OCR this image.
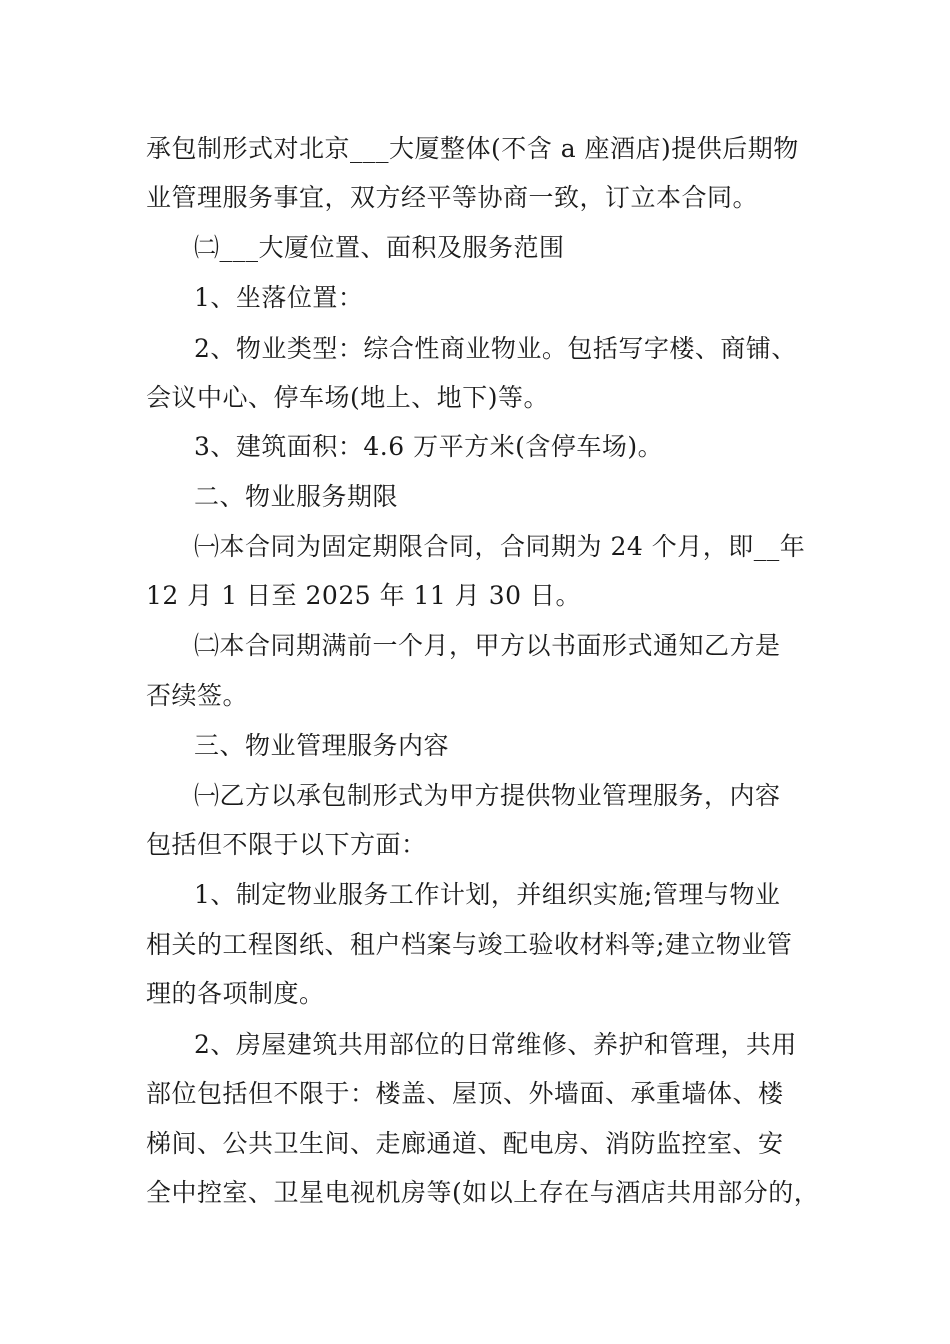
承包制形式对北京___大厦整体(不含 a 座酒店)提供后期物
业管理服务事宜，双方经平等协商一致，订立本合同。
㈡___大厦位置、面积及服务范围
1、坐落位置：
2、物业类型：综合性商业物业。包括写字楼、商铺、
会议中心、停车场(地上、地下)等。
3、建筑面积：4.6 万平方米(含停车场)。
二、物业服务期限
㈠本合同为固定期限合同，合同期为 24 个月，即__年
12 月 1 日至 2025 年 11 月 30 日。
㈡本合同期满前一个月，甲方以书面形式通知乙方是
否续签。
三、物业管理服务内容
㈠乙方以承包制形式为甲方提供物业管理服务，内容
包括但不限于以下方面：
1、制定物业服务工作计划，并组织实施;管理与物业
相关的工程图纸、租户档案与竣工验收材料等;建立物业管
理的各项制度。
2、房屋建筑共用部位的日常维修、养护和管理，共用
部位包括但不限于：楼盖、屋顶、外墙面、承重墙体、楼
梯间、公共卫生间、走廊通道、配电房、消防监控室、安
全中控室、卫星电视机房等(如以上存在与酒店共用部分的，
